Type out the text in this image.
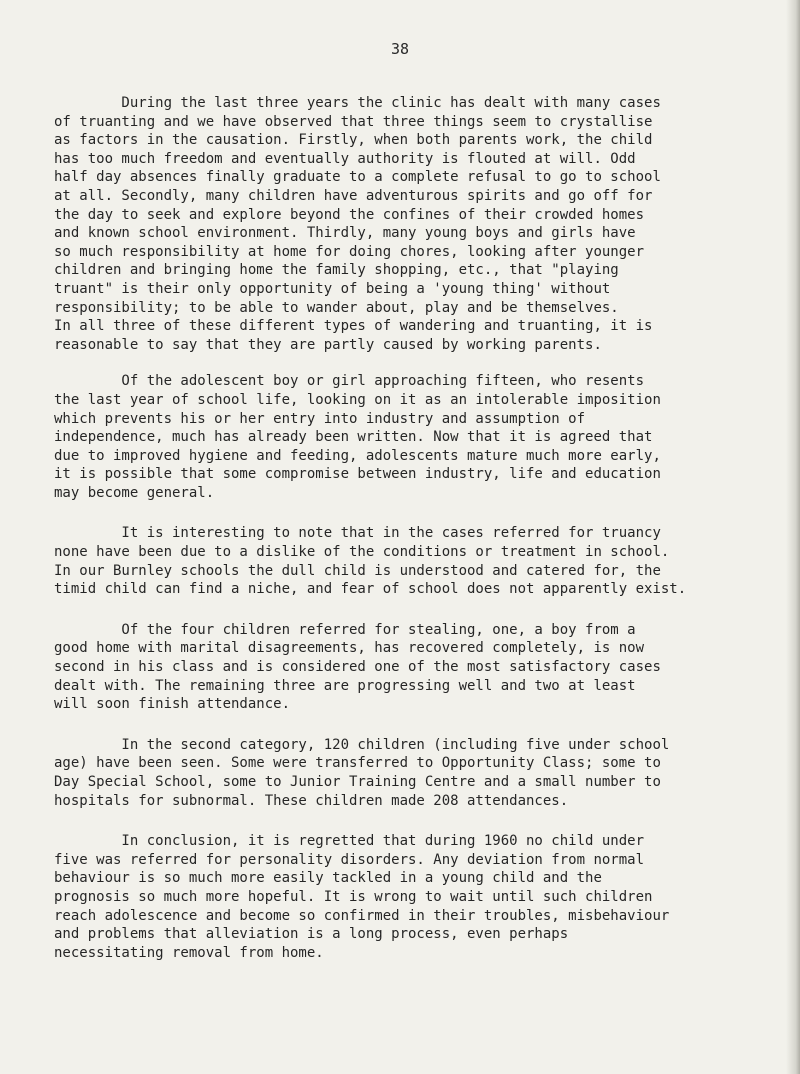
38
During the last three years the clinic has dealt with many cases
of truanting and we have observed that three things seem to crystallise
as factors in the causation. Firstly, when both parents work, the child
has too much freedom and eventually authority is flouted at will. Odd
half day absences finally graduate to a complete refusal to go to school
at all. Secondly, many children have adventurous spirits and go off for
the day to seek and explore beyond the confines of their crowded homes
and known school environment. Thirdly, many young boys and girls have
so much responsibility at home for doing chores, looking after younger
children and bringing home the family shopping, etc., that "playing
truant" is their only opportunity of being a 'young thing' without
responsibility; to be able to wander about, play and be themselves.
In all three of these different types of wandering and truanting, it is
reasonable to say that they are partly caused by working parents.
Of the adolescent boy or girl approaching fifteen, who resents
the last year of school life, looking on it as an intolerable imposition
which prevents his or her entry into industry and assumption of
independence, much has already been written. Now that it is agreed that
due to improved hygiene and feeding, adolescents mature much more early,
it is possible that some compromise between industry, life and education
may become general.
It is interesting to note that in the cases referred for truancy
none have been due to a dislike of the conditions or treatment in school.
In our Burnley schools the dull child is understood and catered for, the
timid child can find a niche, and fear of school does not apparently exist.
Of the four children referred for stealing, one, a boy from a
good home with marital disagreements, has recovered completely, is now
second in his class and is considered one of the most satisfactory cases
dealt with. The remaining three are progressing well and two at least
will soon finish attendance.
In the second category, 120 children (including five under school
age) have been seen. Some were transferred to Opportunity Class; some to
Day Special School, some to Junior Training Centre and a small number to
hospitals for subnormal. These children made 208 attendances.
In conclusion, it is regretted that during 1960 no child under
five was referred for personality disorders. Any deviation from normal
behaviour is so much more easily tackled in a young child and the
prognosis so much more hopeful. It is wrong to wait until such children
reach adolescence and become so confirmed in their troubles, misbehaviour
and problems that alleviation is a long process, even perhaps
necessitating removal from home.
